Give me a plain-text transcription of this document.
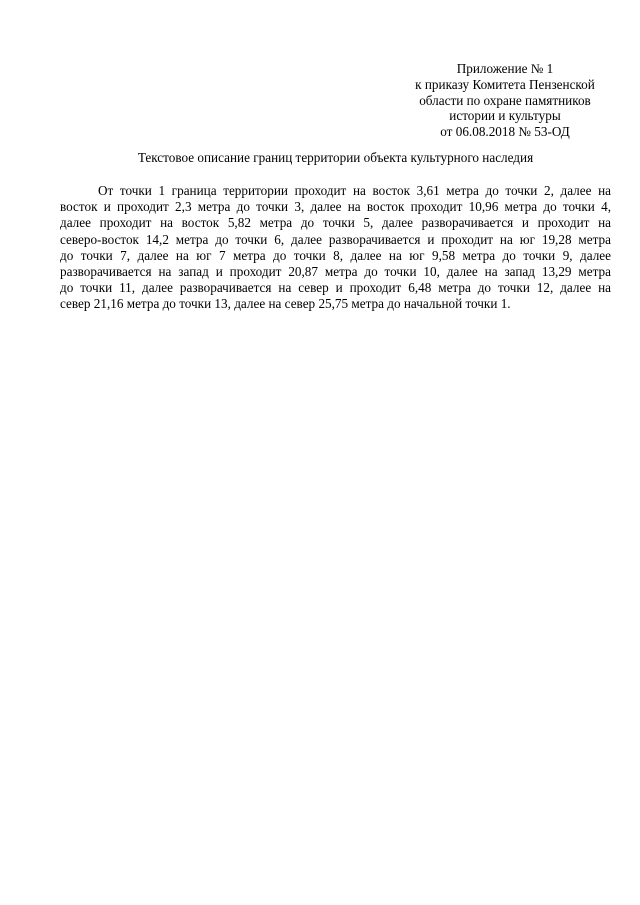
Приложение № 1
к приказу Комитета Пензенской
области по охране памятников
истории и культуры
от 06.08.2018 № 53-ОД
Текстовое описание границ территории объекта культурного наследия
От точки 1 граница территории проходит на восток 3,61 метра до точки 2, далее на
восток и проходит 2,3 метра до точки 3, далее на восток проходит 10,96 метра до точки 4,
далее проходит на восток 5,82 метра до точки 5, далее разворачивается и проходит на
северо-восток 14,2 метра до точки 6, далее разворачивается и проходит на юг 19,28 метра
до точки 7, далее на юг 7 метра до точки 8, далее на юг 9,58 метра до точки 9, далее
разворачивается на запад и проходит 20,87 метра до точки 10, далее на запад 13,29 метра
до точки 11, далее разворачивается на север и проходит 6,48 метра до точки 12, далее на
север 21,16 метра до точки 13, далее на север 25,75 метра до начальной точки 1.
